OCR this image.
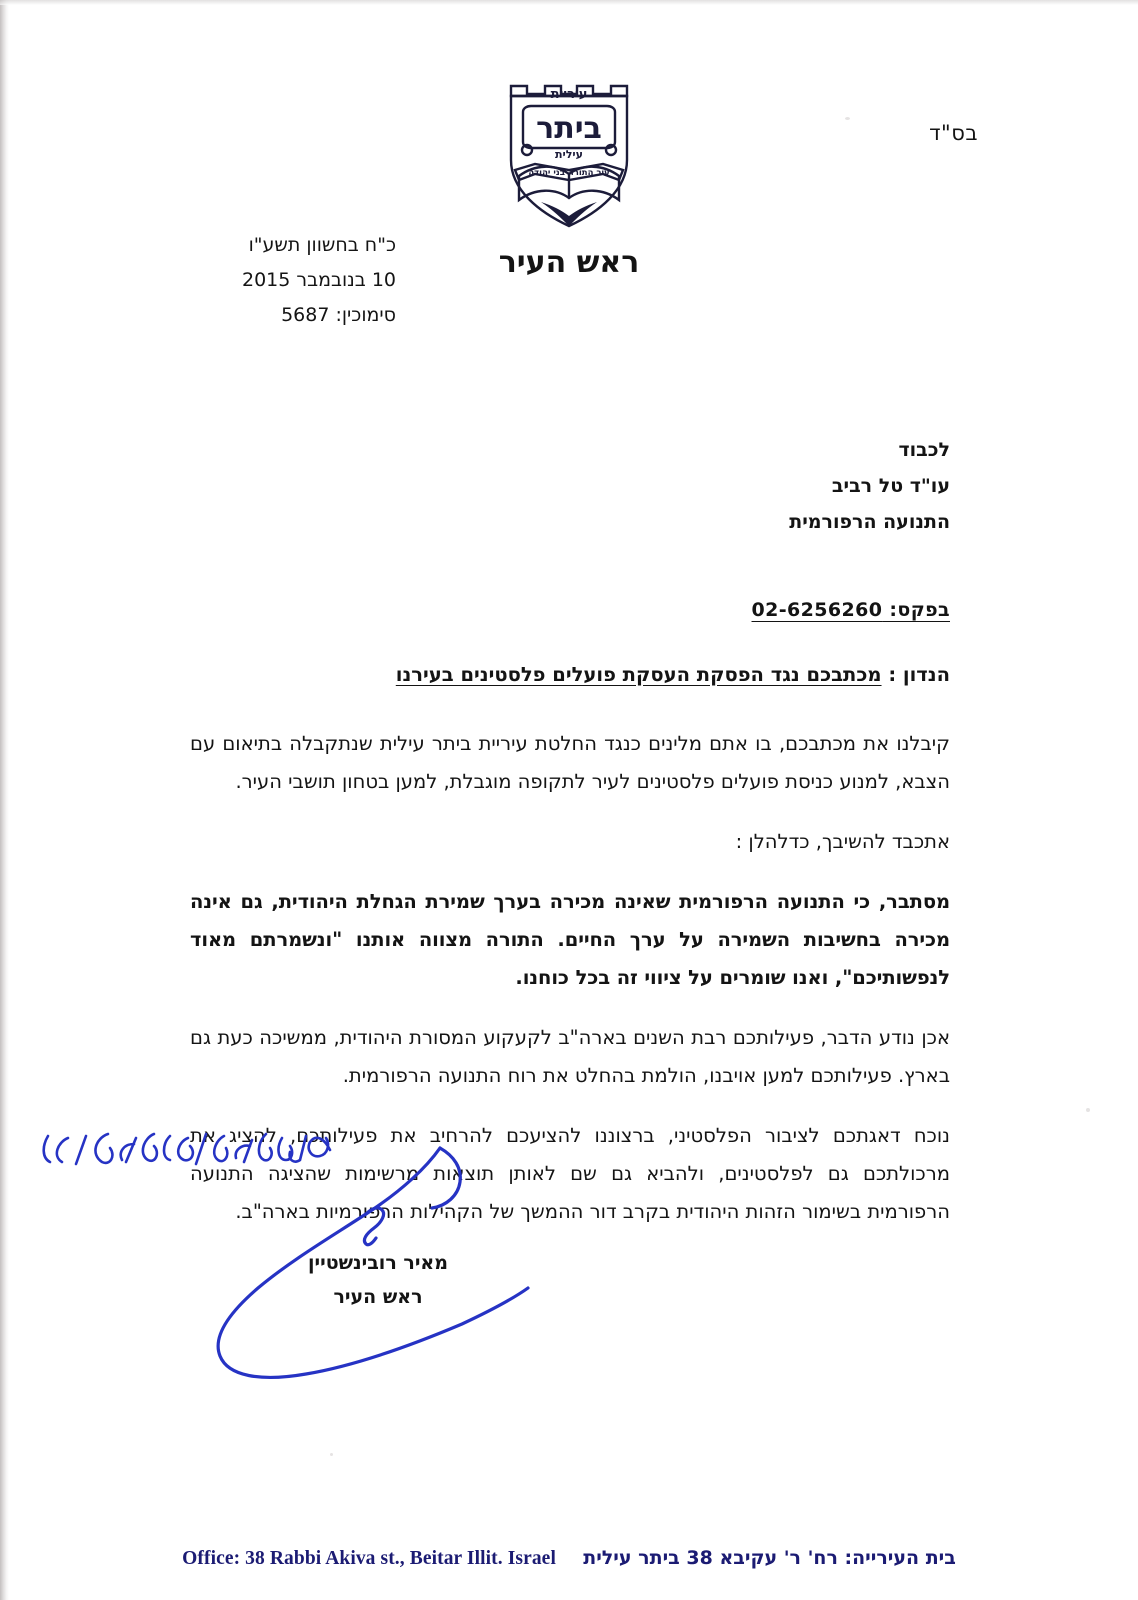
בס"ד
עיריית
ביתר
עילית
עיר התורה בני יהודה
ראש העיר
כ"ח בחשוון תשע"ו
10 בנובמבר 2015
סימוכין: 5687
לכבוד
עו"ד טל רביב
התנועה הרפורמית
בפקס: 02-6256260
הנדון : מכתבכם נגד הפסקת העסקת פועלים פלסטינים בעירנו

קיבלנו את מכתבכם, בו אתם מלינים כנגד החלטת עיריית ביתר עילית שנתקבלה בתיאום עם הצבא, למנוע כניסת פועלים פלסטינים לעיר לתקופה מוגבלת, למען בטחון תושבי העיר.

אתכבד להשיבך, כדלהלן :

מסתבר, כי התנועה הרפורמית שאינה מכירה בערך שמירת הגחלת היהודית, גם אינה מכירה בחשיבות השמירה על ערך החיים. התורה מצווה אותנו "ונשמרתם מאוד לנפשותיכם", ואנו שומרים על ציווי זה בכל כוחנו.

אכן נודע הדבר, פעילותכם רבת השנים בארה"ב לקעקוע המסורת היהודית, ממשיכה כעת גם בארץ. פעילותכם למען אויבנו, הולמת בהחלט את רוח התנועה הרפורמית.

נוכח דאגתכם לציבור הפלסטיני, ברצוננו להציעכם להרחיב את פעילותכם, להציג את מרכולתכם גם לפלסטינים, ולהביא גם שם לאותן תוצאות מרשימות שהציגה התנועה הרפורמית בשימור הזהות היהודית בקרב דור ההמשך של הקהילות הרפורמיות בארה"ב.

מאיר רובינשטיין
ראש העיר
בית העירייה: רח' ר' עקיבא 38 ביתר עילית  Office: 38 Rabbi Akiva st., Beitar Illit. Israel
